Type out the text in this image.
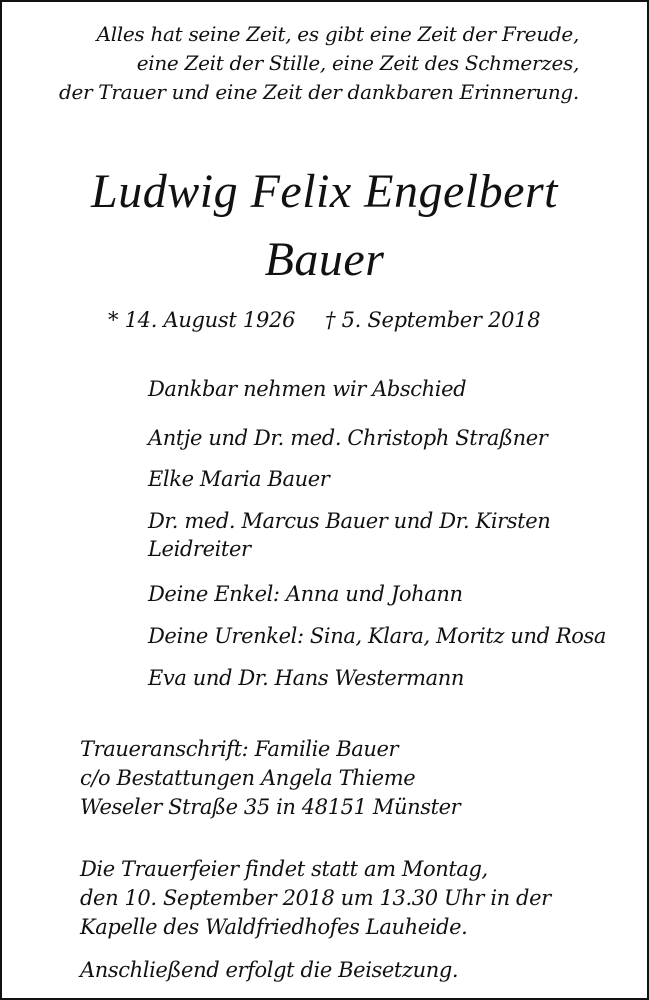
Alles hat seine Zeit, es gibt eine Zeit der Freude,
eine Zeit der Stille, eine Zeit des Schmerzes,
der Trauer und eine Zeit der dankbaren Erinnerung.
Ludwig Felix Engelbert
Bauer
* 14. August 1926 † 5. September 2018
Dankbar nehmen wir Abschied
Antje und Dr. med. Christoph Straßner
Elke Maria Bauer
Dr. med. Marcus Bauer und Dr. Kirsten
Leidreiter
Deine Enkel: Anna und Johann
Deine Urenkel: Sina, Klara, Moritz und Rosa
Eva und Dr. Hans Westermann
Traueranschrift: Familie Bauer
c/o Bestattungen Angela Thieme
Weseler Straße 35 in 48151 Münster
Die Trauerfeier findet statt am Montag,
den 10. September 2018 um 13.30 Uhr in der
Kapelle des Waldfriedhofes Lauheide.
Anschließend erfolgt die Beisetzung.
